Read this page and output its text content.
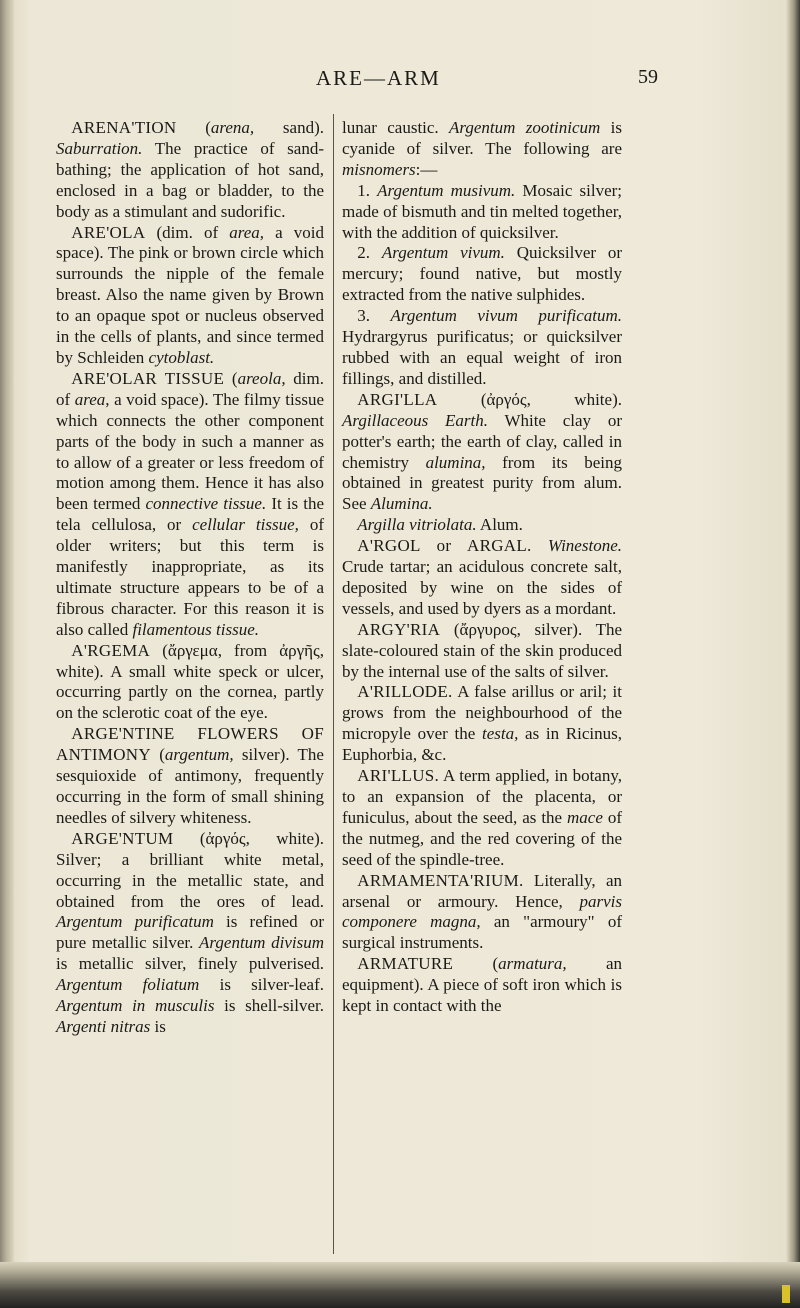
ARE—ARM	59

ARENA'TION (arena, sand). Saburration. The practice of sand-bathing; the application of hot sand, enclosed in a bag or bladder, to the body as a stimulant and sudorific.

ARE'OLA (dim. of area, a void space). The pink or brown circle which surrounds the nipple of the female breast. Also the name given by Brown to an opaque spot or nucleus observed in the cells of plants, and since termed by Schleiden cytoblast.

ARE'OLAR TISSUE (areola, dim. of area, a void space). The filmy tissue which connects the other component parts of the body in such a manner as to allow of a greater or less freedom of motion among them. Hence it has also been termed connective tissue. It is the tela cellulosa, or cellular tissue, of older writers; but this term is manifestly inappropriate, as its ultimate structure appears to be of a fibrous character. For this reason it is also called filamentous tissue.

A'RGEMA (ἄργεμα, from ἀργῆς, white). A small white speck or ulcer, occurring partly on the cornea, partly on the sclerotic coat of the eye.

ARGE'NTINE FLOWERS OF ANTIMONY (argentum, silver). The sesquioxide of antimony, frequently occurring in the form of small shining needles of silvery whiteness.

ARGE'NTUM (ἀργός, white). Silver; a brilliant white metal, occurring in the metallic state, and obtained from the ores of lead. Argentum purificatum is refined or pure metallic silver. Argentum divisum is metallic silver, finely pulverised. Argentum foliatum is silver-leaf. Argentum in musculis is shell-silver. Argenti nitras is

lunar caustic. Argentum zootinicum is cyanide of silver. The following are misnomers:—

1. Argentum musivum. Mosaic silver; made of bismuth and tin melted together, with the addition of quicksilver.

2. Argentum vivum. Quicksilver or mercury; found native, but mostly extracted from the native sulphides.

3. Argentum vivum purificatum. Hydrargyrus purificatus; or quicksilver rubbed with an equal weight of iron fillings, and distilled.

ARGI'LLA (ἀργός, white). Argillaceous Earth. White clay or potter's earth; the earth of clay, called in chemistry alumina, from its being obtained in greatest purity from alum. See Alumina.

Argilla vitriolata. Alum.

A'RGOL or ARGAL. Winestone. Crude tartar; an acidulous concrete salt, deposited by wine on the sides of vessels, and used by dyers as a mordant.

ARGY'RIA (ἄργυρος, silver). The slate-coloured stain of the skin produced by the internal use of the salts of silver.

A'RILLODE. A false arillus or aril; it grows from the neighbourhood of the micropyle over the testa, as in Ricinus, Euphorbia, &c.

ARI'LLUS. A term applied, in botany, to an expansion of the placenta, or funiculus, about the seed, as the mace of the nutmeg, and the red covering of the seed of the spindle-tree.

ARMAMENTA'RIUM. Literally, an arsenal or armoury. Hence, parvis componere magna, an "armoury" of surgical instruments.

ARMATURE (armatura, an equipment). A piece of soft iron which is kept in contact with the
